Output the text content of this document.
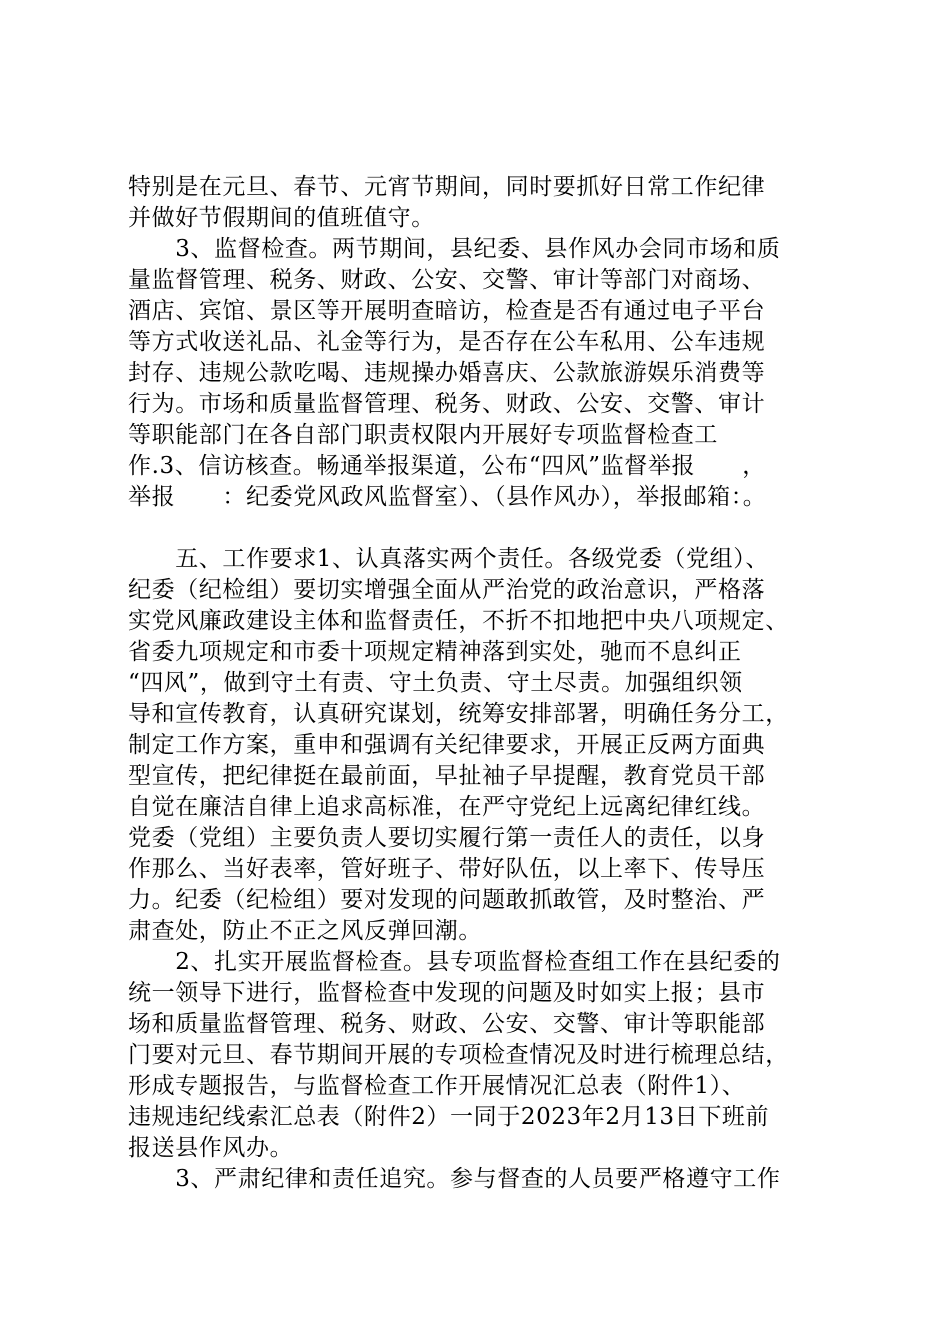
特别是在元旦、春节、元宵节期间，同时要抓好日常工作纪律
并做好节假期间的值班值守。
　　3、监督检查。两节期间，县纪委、县作风办会同市场和质
量监督管理、税务、财政、公安、交警、审计等部门对商场、
酒店、宾馆、景区等开展明查暗访，检查是否有通过电子平台
等方式收送礼品、礼金等行为，是否存在公车私用、公车违规
封存、违规公款吃喝、违规操办婚喜庆、公款旅游娱乐消费等
行为。市场和质量监督管理、税务、财政、公安、交警、审计
等职能部门在各自部门职责权限内开展好专项监督检查工
作.3、信访核查。畅通举报渠道，公布“四风”监督举报　　，
举报　　：纪委党风政风监督室）、（县作风办），举报邮箱：。
　　五、工作要求1、认真落实两个责任。各级党委（党组）、
纪委（纪检组）要切实增强全面从严治党的政治意识，严格落
实党风廉政建设主体和监督责任，不折不扣地把中央八项规定、
省委九项规定和市委十项规定精神落到实处，驰而不息纠正
“四风”，做到守土有责、守土负责、守土尽责。加强组织领
导和宣传教育，认真研究谋划，统筹安排部署，明确任务分工，
制定工作方案，重申和强调有关纪律要求，开展正反两方面典
型宣传，把纪律挺在最前面，早扯袖子早提醒，教育党员干部
自觉在廉洁自律上追求高标准，在严守党纪上远离纪律红线。
党委（党组）主要负责人要切实履行第一责任人的责任，以身
作那么、当好表率，管好班子、带好队伍，以上率下、传导压
力。纪委（纪检组）要对发现的问题敢抓敢管，及时整治、严
肃查处，防止不正之风反弹回潮。
　　2、扎实开展监督检查。县专项监督检查组工作在县纪委的
统一领导下进行，监督检查中发现的问题及时如实上报；县市
场和质量监督管理、税务、财政、公安、交警、审计等职能部
门要对元旦、春节期间开展的专项检查情况及时进行梳理总结，
形成专题报告，与监督检查工作开展情况汇总表（附件1）、
违规违纪线索汇总表（附件2）一同于2023年2月13日下班前
报送县作风办。
　　3、严肃纪律和责任追究。参与督查的人员要严格遵守工作
